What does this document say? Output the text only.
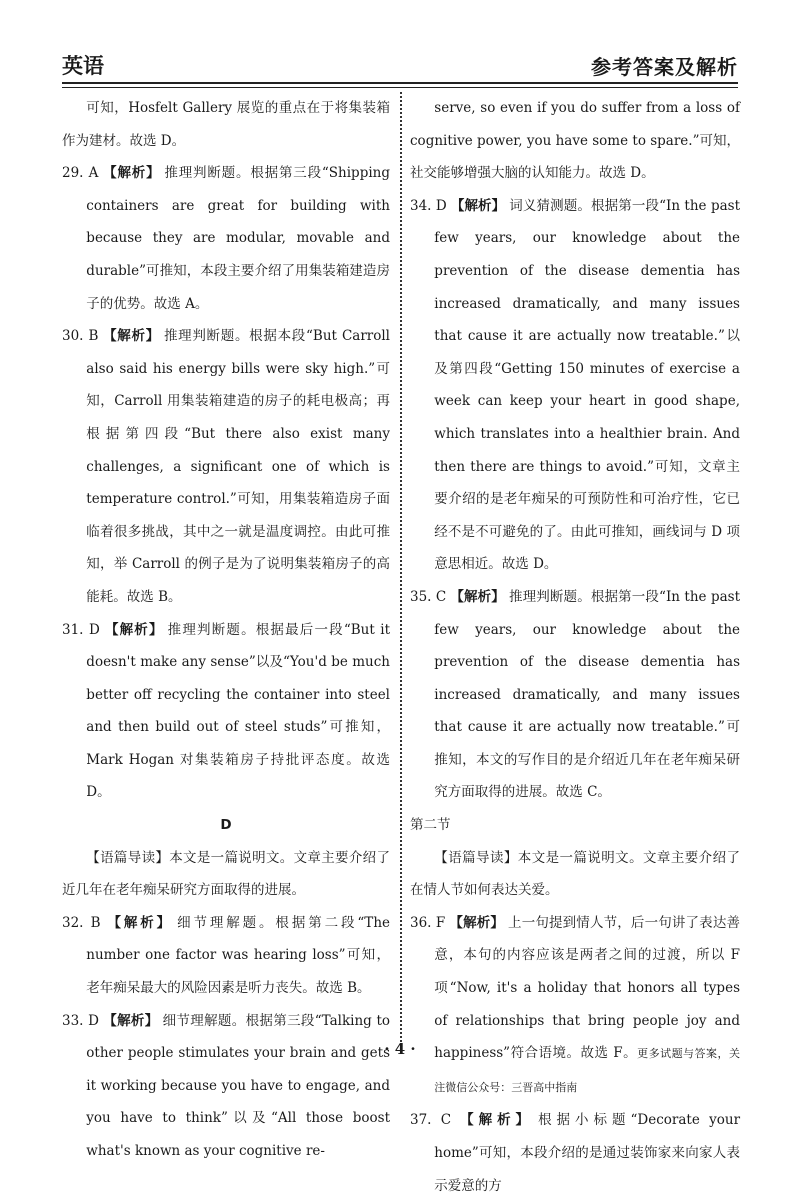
英语	参考答案及解析

可知，Hosfelt Gallery 展览的重点在于将集装箱作为建材。故选 D。

29. A 【解析】 推理判断题。根据第三段“Shipping containers are great for building with because they are modular, movable and durable”可推知，本段主要介绍了用集装箱建造房子的优势。故选 A。

30. B 【解析】 推理判断题。根据本段“But Carroll also said his energy bills were sky high.”可知，Carroll 用集装箱建造的房子的耗电极高；再根据第四段“But there also exist many challenges, a significant one of which is temperature control.”可知，用集装箱造房子面临着很多挑战，其中之一就是温度调控。由此可推知，举 Carroll 的例子是为了说明集装箱房子的高能耗。故选 B。

31. D 【解析】 推理判断题。根据最后一段“But it doesn't make any sense”以及“You'd be much better off recycling the container into steel and then build out of steel studs”可推知，Mark Hogan 对集装箱房子持批评态度。故选 D。

D

【语篇导读】本文是一篇说明文。文章主要介绍了近几年在老年痴呆研究方面取得的进展。

32. B 【解析】 细节理解题。根据第二段“The number one factor was hearing loss”可知，老年痴呆最大的风险因素是听力丧失。故选 B。

33. D 【解析】 细节理解题。根据第三段“Talking to other people stimulates your brain and gets it working because you have to engage, and you have to think”以及“All those boost what's known as your cognitive re-

serve, so even if you do suffer from a loss of cognitive power, you have some to spare.”可知，社交能够增强大脑的认知能力。故选 D。

34. D 【解析】 词义猜测题。根据第一段“In the past few years, our knowledge about the prevention of the disease dementia has increased dramatically, and many issues that cause it are actually now treatable.”以及第四段“Getting 150 minutes of exercise a week can keep your heart in good shape, which translates into a healthier brain. And then there are things to avoid.”可知，文章主要介绍的是老年痴呆的可预防性和可治疗性，它已经不是不可避免的了。由此可推知，画线词与 D 项意思相近。故选 D。

35. C 【解析】 推理判断题。根据第一段“In the past few years, our knowledge about the prevention of the disease dementia has increased dramatically, and many issues that cause it are actually now treatable.”可推知，本文的写作目的是介绍近几年在老年痴呆研究方面取得的进展。故选 C。

第二节

【语篇导读】本文是一篇说明文。文章主要介绍了在情人节如何表达关爱。

36. F 【解析】 上一句提到情人节，后一句讲了表达善意，本句的内容应该是两者之间的过渡，所以 F 项“Now, it's a holiday that honors all types of relationships that bring people joy and happiness”符合语境。故选 F。更多试题与答案，关注微信公众号：三晋高中指南

37. C 【解析】 根据小标题“Decorate your home”可知，本段介绍的是通过装饰家来向家人表示爱意的方

· 4 ·
